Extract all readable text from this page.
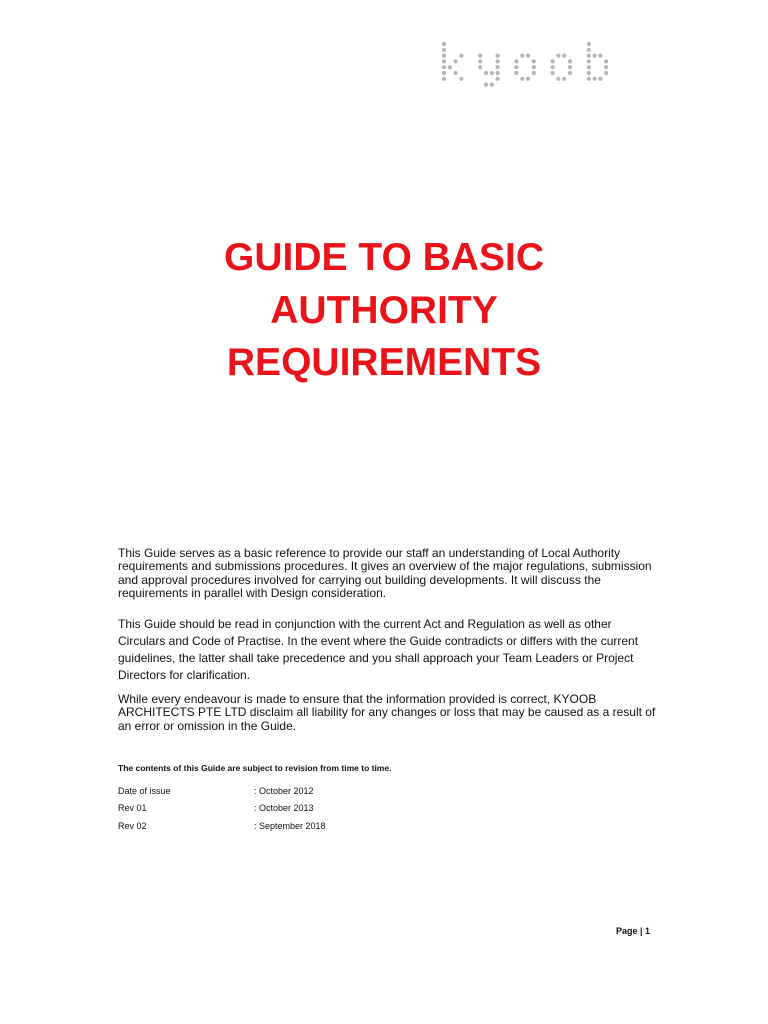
GUIDE TO BASIC
AUTHORITY
REQUIREMENTS

This Guide serves as a basic reference to provide our staff an understanding of Local Authority requirements and submissions procedures. It gives an overview of the major regulations, submission and approval procedures involved for carrying out building developments. It will discuss the requirements in parallel with Design consideration.

This Guide should be read in conjunction with the current Act and Regulation as well as other Circulars and Code of Practise. In the event where the Guide contradicts or differs with the current guidelines, the latter shall take precedence and you shall approach your Team Leaders or Project Directors for clarification.

While every endeavour is made to ensure that the information provided is correct, KYOOB ARCHITECTS PTE LTD disclaim all liability for any changes or loss that may be caused as a result of an error or omission in the Guide.

The contents of this Guide are subject to revision from time to time.
Date of issue	: October 2012
Rev 01	: October 2013
Rev 02	: September 2018
Page | 1
